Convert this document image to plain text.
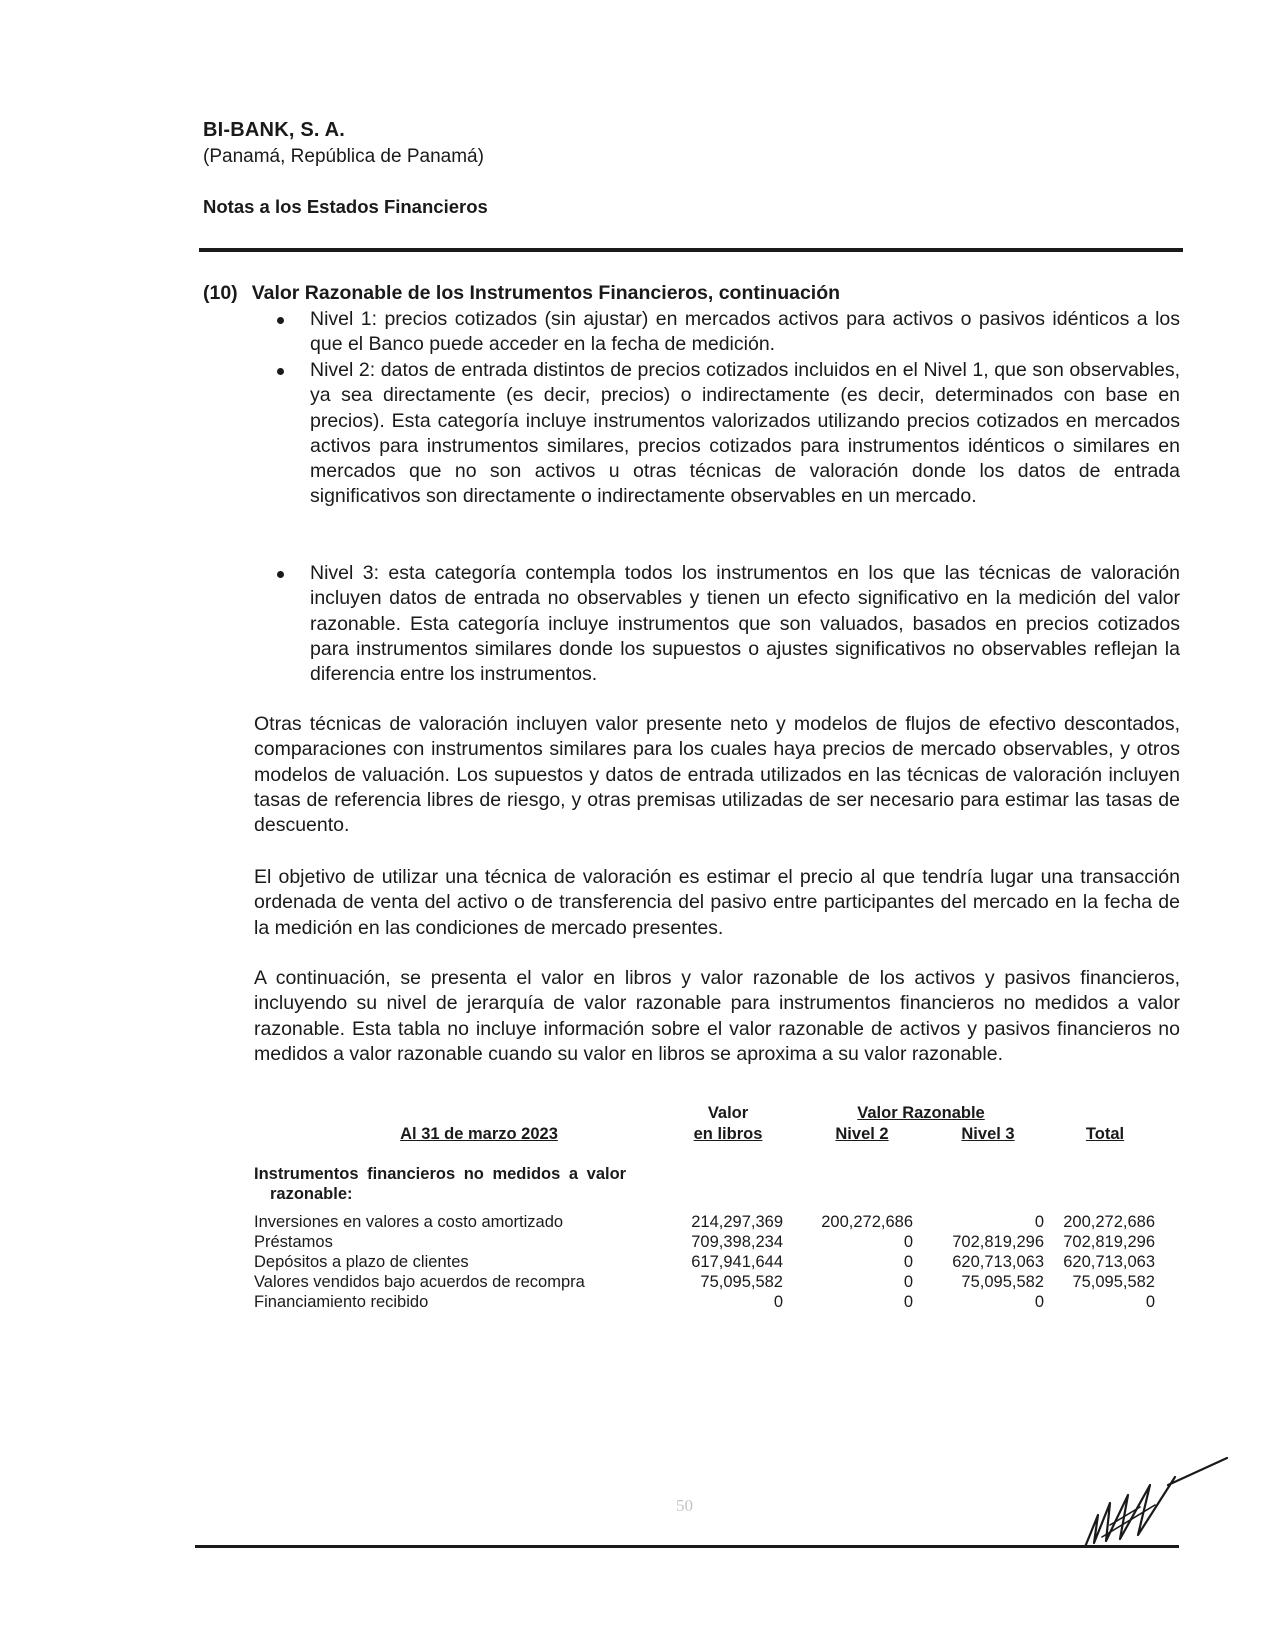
BI-BANK, S. A.
(Panamá, República de Panamá)
Notas a los Estados Financieros
(10) Valor Razonable de los Instrumentos Financieros, continuación
Nivel 1: precios cotizados (sin ajustar) en mercados activos para activos o pasivos idénticos a los que el Banco puede acceder en la fecha de medición.
Nivel 2: datos de entrada distintos de precios cotizados incluidos en el Nivel 1, que son observables, ya sea directamente (es decir, precios) o indirectamente (es decir, determinados con base en precios). Esta categoría incluye instrumentos valorizados utilizando precios cotizados en mercados activos para instrumentos similares, precios cotizados para instrumentos idénticos o similares en mercados que no son activos u otras técnicas de valoración donde los datos de entrada significativos son directamente o indirectamente observables en un mercado.
Nivel 3: esta categoría contempla todos los instrumentos en los que las técnicas de valoración incluyen datos de entrada no observables y tienen un efecto significativo en la medición del valor razonable. Esta categoría incluye instrumentos que son valuados, basados en precios cotizados para instrumentos similares donde los supuestos o ajustes significativos no observables reflejan la diferencia entre los instrumentos.
Otras técnicas de valoración incluyen valor presente neto y modelos de flujos de efectivo descontados, comparaciones con instrumentos similares para los cuales haya precios de mercado observables, y otros modelos de valuación. Los supuestos y datos de entrada utilizados en las técnicas de valoración incluyen tasas de referencia libres de riesgo, y otras premisas utilizadas de ser necesario para estimar las tasas de descuento.
El objetivo de utilizar una técnica de valoración es estimar el precio al que tendría lugar una transacción ordenada de venta del activo o de transferencia del pasivo entre participantes del mercado en la fecha de la medición en las condiciones de mercado presentes.
A continuación, se presenta el valor en libros y valor razonable de los activos y pasivos financieros, incluyendo su nivel de jerarquía de valor razonable para instrumentos financieros no medidos a valor razonable. Esta tabla no incluye información sobre el valor razonable de activos y pasivos financieros no medidos a valor razonable cuando su valor en libros se aproxima a su valor razonable.
Valor	Valor Razonable
Al 31 de marzo 2023	en libros	Nivel 2	Nivel 3	Total
Instrumentos financieros no medidos a valor
razonable:
Inversiones en valores a costo amortizado	214,297,369	200,272,686	0	200,272,686
Préstamos	709,398,234	0	702,819,296	702,819,296
Depósitos a plazo de clientes	617,941,644	0	620,713,063	620,713,063
Valores vendidos bajo acuerdos de recompra	75,095,582	0	75,095,582	75,095,582
Financiamiento recibido	0	0	0	0
50
